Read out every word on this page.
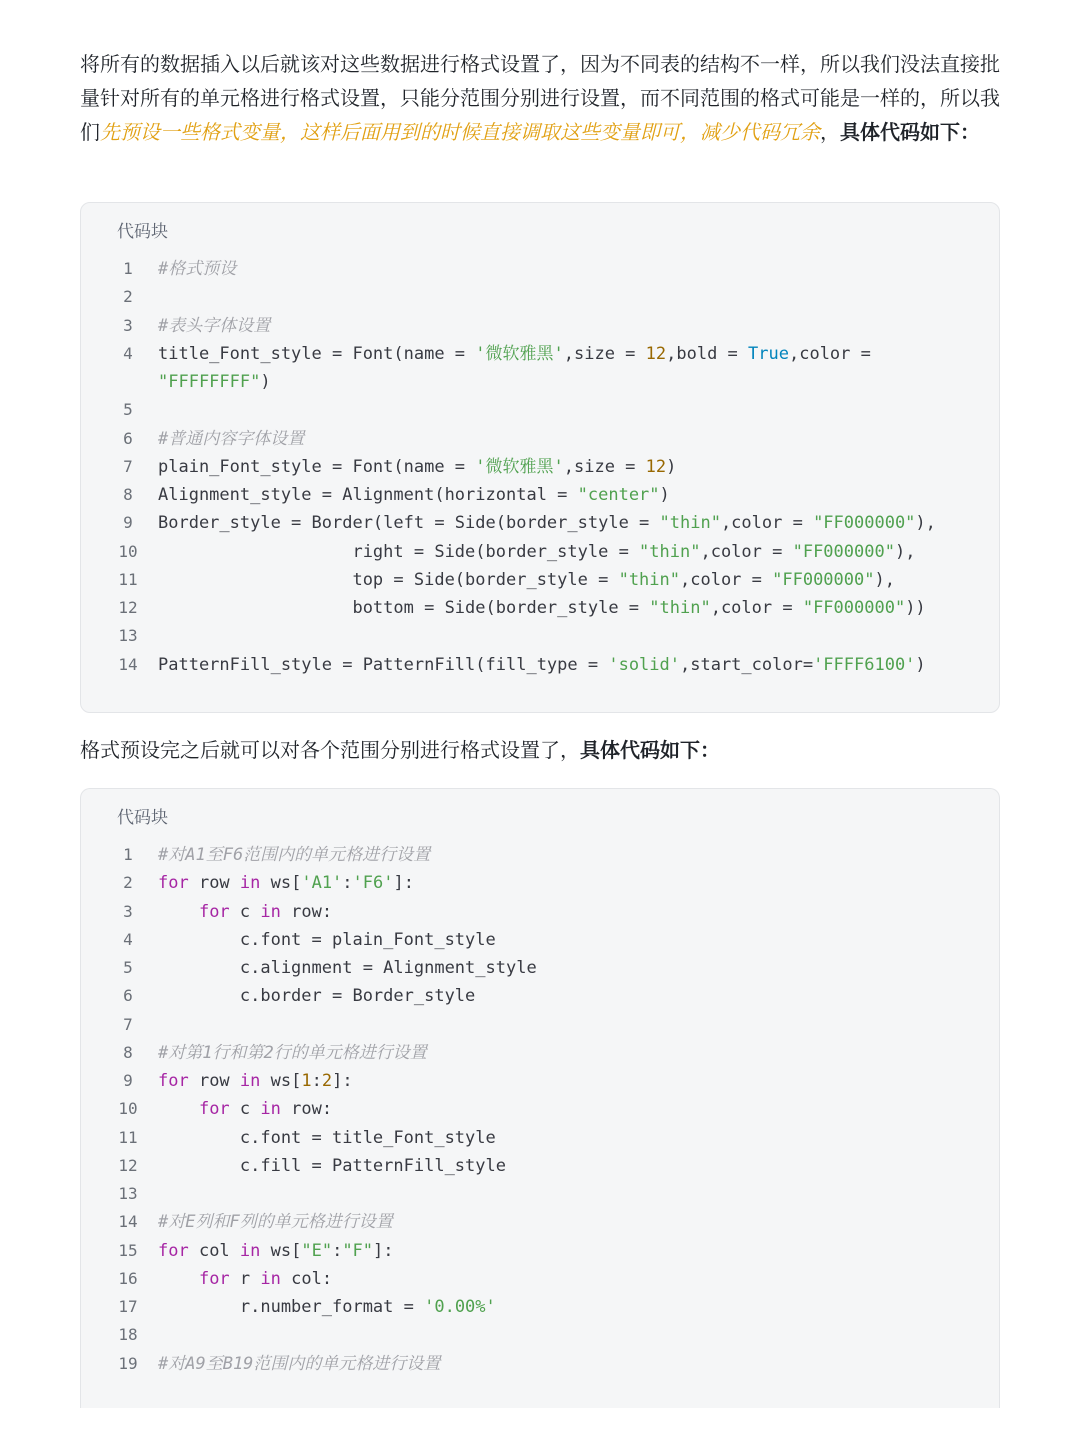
将所有的数据插入以后就该对这些数据进行格式设置了，因为不同表的结构不一样，所以我们没法直接批量针对所有的单元格进行格式设置，只能分范围分别进行设置，而不同范围的格式可能是一样的，所以我们先预设一些格式变量，这样后面用到的时候直接调取这些变量即可，减少代码冗余，具体代码如下：
代码块
1	#格式预设
2
3	#表头字体设置
4	title_Font_style = Font(name = '微软雅黑',size = 12,bold = True,color =
"FFFFFFFF")
5
6	#普通内容字体设置
7	plain_Font_style = Font(name = '微软雅黑',size = 12)
8	Alignment_style = Alignment(horizontal = "center")
9	Border_style = Border(left = Side(border_style = "thin",color = "FF000000"),
10	right = Side(border_style = "thin",color = "FF000000"),
11	top = Side(border_style = "thin",color = "FF000000"),
12	bottom = Side(border_style = "thin",color = "FF000000"))
13
14	PatternFill_style = PatternFill(fill_type = 'solid',start_color='FFFF6100')
格式预设完之后就可以对各个范围分别进行格式设置了，具体代码如下：
代码块
1	#对A1至F6范围内的单元格进行设置
2	for row in ws['A1':'F6']:
3	for c in row:
4	c.font = plain_Font_style
5	c.alignment = Alignment_style
6	c.border = Border_style
7
8	#对第1行和第2行的单元格进行设置
9	for row in ws[1:2]:
10	for c in row:
11	c.font = title_Font_style
12	c.fill = PatternFill_style
13
14	#对E列和F列的单元格进行设置
15	for col in ws["E":"F"]:
16	for r in col:
17	r.number_format = '0.00%'
18
19	#对A9至B19范围内的单元格进行设置
